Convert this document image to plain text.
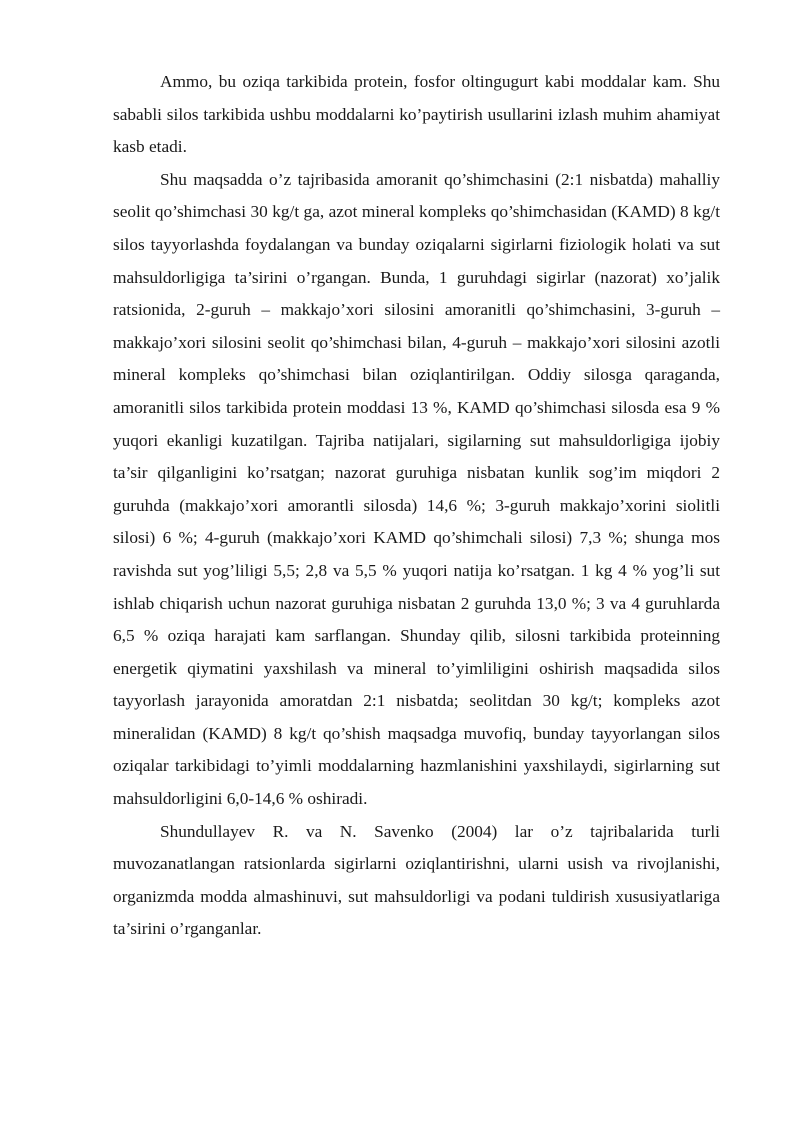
Ammo, bu oziqa tarkibida protein, fosfor oltingugurt kabi moddalar kam. Shu sababli silos tarkibida ushbu moddalarni ko’paytirish usullarini izlash muhim ahamiyat kasb etadi.

Shu maqsadda o’z tajribasida amoranit qo’shimchasini (2:1 nisbatda) mahalliy seolit qo’shimchasi 30 kg/t ga, azot mineral kompleks qo’shimchasidan (KAMD) 8 kg/t silos tayyorlashda foydalangan va bunday oziqalarni sigirlarni fiziologik holati va sut mahsuldorligiga ta’sirini o’rgangan. Bunda, 1 guruhdagi sigirlar (nazorat) xo’jalik ratsionida, 2-guruh – makkajo’xori silosini amoranitli qo’shimchasini, 3-guruh – makkajo’xori silosini seolit qo’shimchasi bilan, 4-guruh – makkajo’xori silosini azotli mineral kompleks qo’shimchasi bilan oziqlantirilgan. Oddiy silosga qaraganda, amoranitli silos tarkibida protein moddasi 13 %, KAMD qo’shimchasi silosda esa 9 % yuqori ekanligi kuzatilgan. Tajriba natijalari, sigilarning sut mahsuldorligiga ijobiy ta’sir qilganligini ko’rsatgan; nazorat guruhiga nisbatan kunlik sog’im miqdori 2 guruhda (makkajo’xori amorantli silosda) 14,6 %; 3-guruh makkajo’xorini siolitli silosi) 6 %; 4-guruh (makkajo’xori KAMD qo’shimchali silosi) 7,3 %; shunga mos ravishda sut yog’liligi 5,5; 2,8 va 5,5 % yuqori natija ko’rsatgan. 1 kg 4 % yog’li sut ishlab chiqarish uchun nazorat guruhiga nisbatan 2 guruhda 13,0 %; 3 va 4 guruhlarda 6,5 % oziqa harajati kam sarflangan. Shunday qilib, silosni tarkibida proteinning energetik qiymatini yaxshilash va mineral to’yimliligini oshirish maqsadida silos tayyorlash jarayonida amoratdan 2:1 nisbatda; seolitdan 30 kg/t; kompleks azot mineralidan (KAMD) 8 kg/t qo’shish maqsadga muvofiq, bunday tayyorlangan silos oziqalar tarkibidagi to’yimli moddalarning hazmlanishini yaxshilaydi, sigirlarning sut mahsuldorligini 6,0-14,6 % oshiradi.

Shundullayev R. va N. Savenko (2004) lar o’z tajribalarida turli muvozanatlangan ratsionlarda sigirlarni oziqlantirishni, ularni usish va rivojlanishi, organizmda modda almashinuvi, sut mahsuldorligi va podani tuldirish xususiyatlariga ta’sirini o’rganganlar.
